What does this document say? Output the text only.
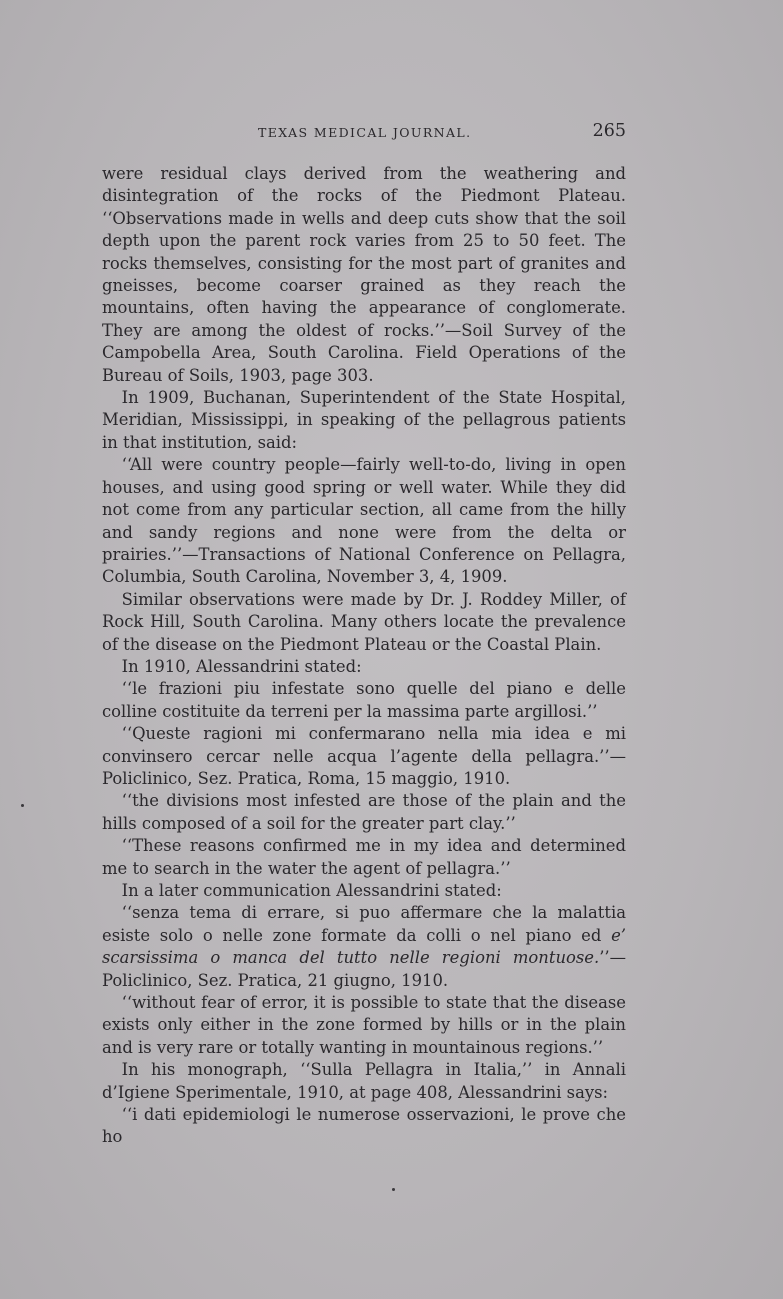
TEXAS MEDICAL JOURNAL.	265

were residual clays derived from the weathering and disintegration of the rocks of the Piedmont Plateau. ‘‘Observations made in wells and deep cuts show that the soil depth upon the parent rock varies from 25 to 50 feet. The rocks themselves, consisting for the most part of granites and gneisses, become coarser grained as they reach the mountains, often having the appearance of conglomerate. They are among the oldest of rocks.’’—Soil Survey of the Campobella Area, South Carolina. Field Operations of the Bureau of Soils, 1903, page 303.

In 1909, Buchanan, Superintendent of the State Hospital, Meridian, Mississippi, in speaking of the pellagrous patients in that institution, said:

‘‘All were country people—fairly well-to-do, living in open houses, and using good spring or well water. While they did not come from any particular section, all came from the hilly and sandy regions and none were from the delta or prairies.’’—Transactions of National Conference on Pellagra, Columbia, South Carolina, November 3, 4, 1909.

Similar observations were made by Dr. J. Roddey Miller, of Rock Hill, South Carolina. Many others locate the prevalence of the disease on the Piedmont Plateau or the Coastal Plain.

In 1910, Alessandrini stated:

‘‘le frazioni piu infestate sono quelle del piano e delle colline costituite da terreni per la massima parte argillosi.’’

‘‘Queste ragioni mi confermarano nella mia idea e mi convinsero cercar nelle acqua l’agente della pellagra.’’—Policlinico, Sez. Pratica, Roma, 15 maggio, 1910.

‘‘the divisions most infested are those of the plain and the hills composed of a soil for the greater part clay.’’

‘‘These reasons confirmed me in my idea and determined me to search in the water the agent of pellagra.’’

In a later communication Alessandrini stated:

‘‘senza tema di errare, si puo affermare che la malattia esiste solo o nelle zone formate da colli o nel piano ed e’ scarsissima o manca del tutto nelle regioni montuose.’’—Policlinico, Sez. Pratica, 21 giugno, 1910.

‘‘without fear of error, it is possible to state that the disease exists only either in the zone formed by hills or in the plain and is very rare or totally wanting in mountainous regions.’’

In his monograph, ‘‘Sulla Pellagra in Italia,’’ in Annali d’Igiene Sperimentale, 1910, at page 408, Alessandrini says:

‘‘i dati epidemiologi le numerose osservazioni, le prove che ho
